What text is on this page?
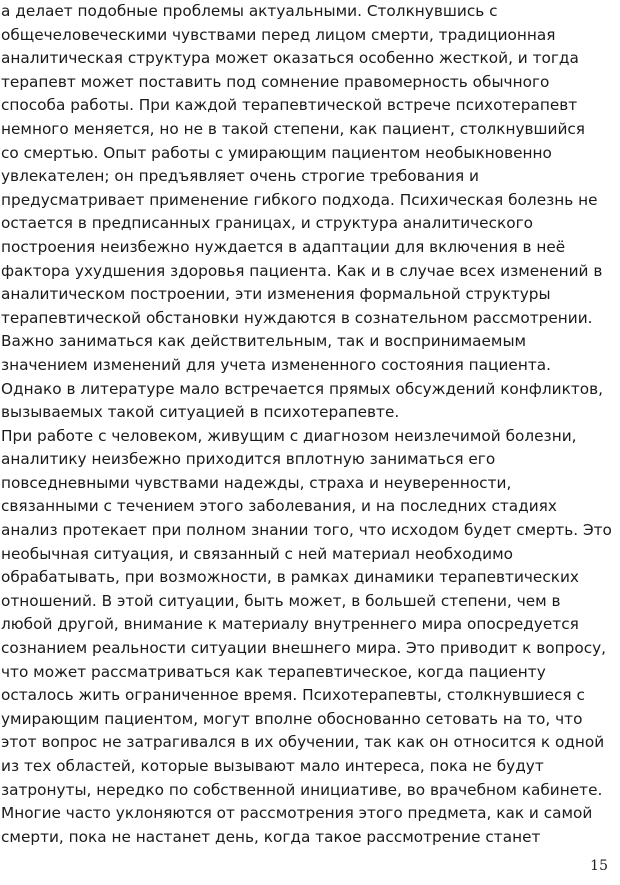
а делает подобные проблемы актуальными. Столкнувшись с
общечеловеческими чувствами перед лицом смерти, традиционная
аналитическая структура может оказаться особенно жесткой, и тогда
терапевт может поставить под сомнение правомерность обычного
способа работы. При каждой терапевтической встрече психотерапевт
немного меняется, но не в такой степени, как пациент, столкнувшийся
со смертью. Опыт работы с умирающим пациентом необыкновенно
увлекателен; он предъявляет очень строгие требования и
предусматривает применение гибкого подхода. Психическая болезнь не
остается в предписанных границах, и структура аналитического
построения неизбежно нуждается в адаптации для включения в неё
фактора ухудшения здоровья пациента. Как и в случае всех изменений в
аналитическом построении, эти изменения формальной структуры
терапевтической обстановки нуждаются в сознательном рассмотрении.
Важно заниматься как действительным, так и воспринимаемым
значением изменений для учета измененного состояния пациента.
Однако в литературе мало встречается прямых обсуждений конфликтов,
вызываемых такой ситуацией в психотерапевте.
При работе с человеком, живущим с диагнозом неизлечимой болезни,
аналитику неизбежно приходится вплотную заниматься его
повседневными чувствами надежды, страха и неуверенности,
связанными с течением этого заболевания, и на последних стадиях
анализ протекает при полном знании того, что исходом будет смерть. Это
необычная ситуация, и связанный с ней материал необходимо
обрабатывать, при возможности, в рамках динамики терапевтических
отношений. В этой ситуации, быть может, в большей степени, чем в
любой другой, внимание к материалу внутреннего мира опосредуется
сознанием реальности ситуации внешнего мира. Это приводит к вопросу,
что может рассматриваться как терапевтическое, когда пациенту
осталось жить ограниченное время. Психотерапевты, столкнувшиеся с
умирающим пациентом, могут вполне обоснованно сетовать на то, что
этот вопрос не затрагивался в их обучении, так как он относится к одной
из тех областей, которые вызывают мало интереса, пока не будут
затронуты, нередко по собственной инициативе, во врачебном кабинете.
Многие часто уклоняются от рассмотрения этого предмета, как и самой
смерти, пока не настанет день, когда такое рассмотрение станет
15
